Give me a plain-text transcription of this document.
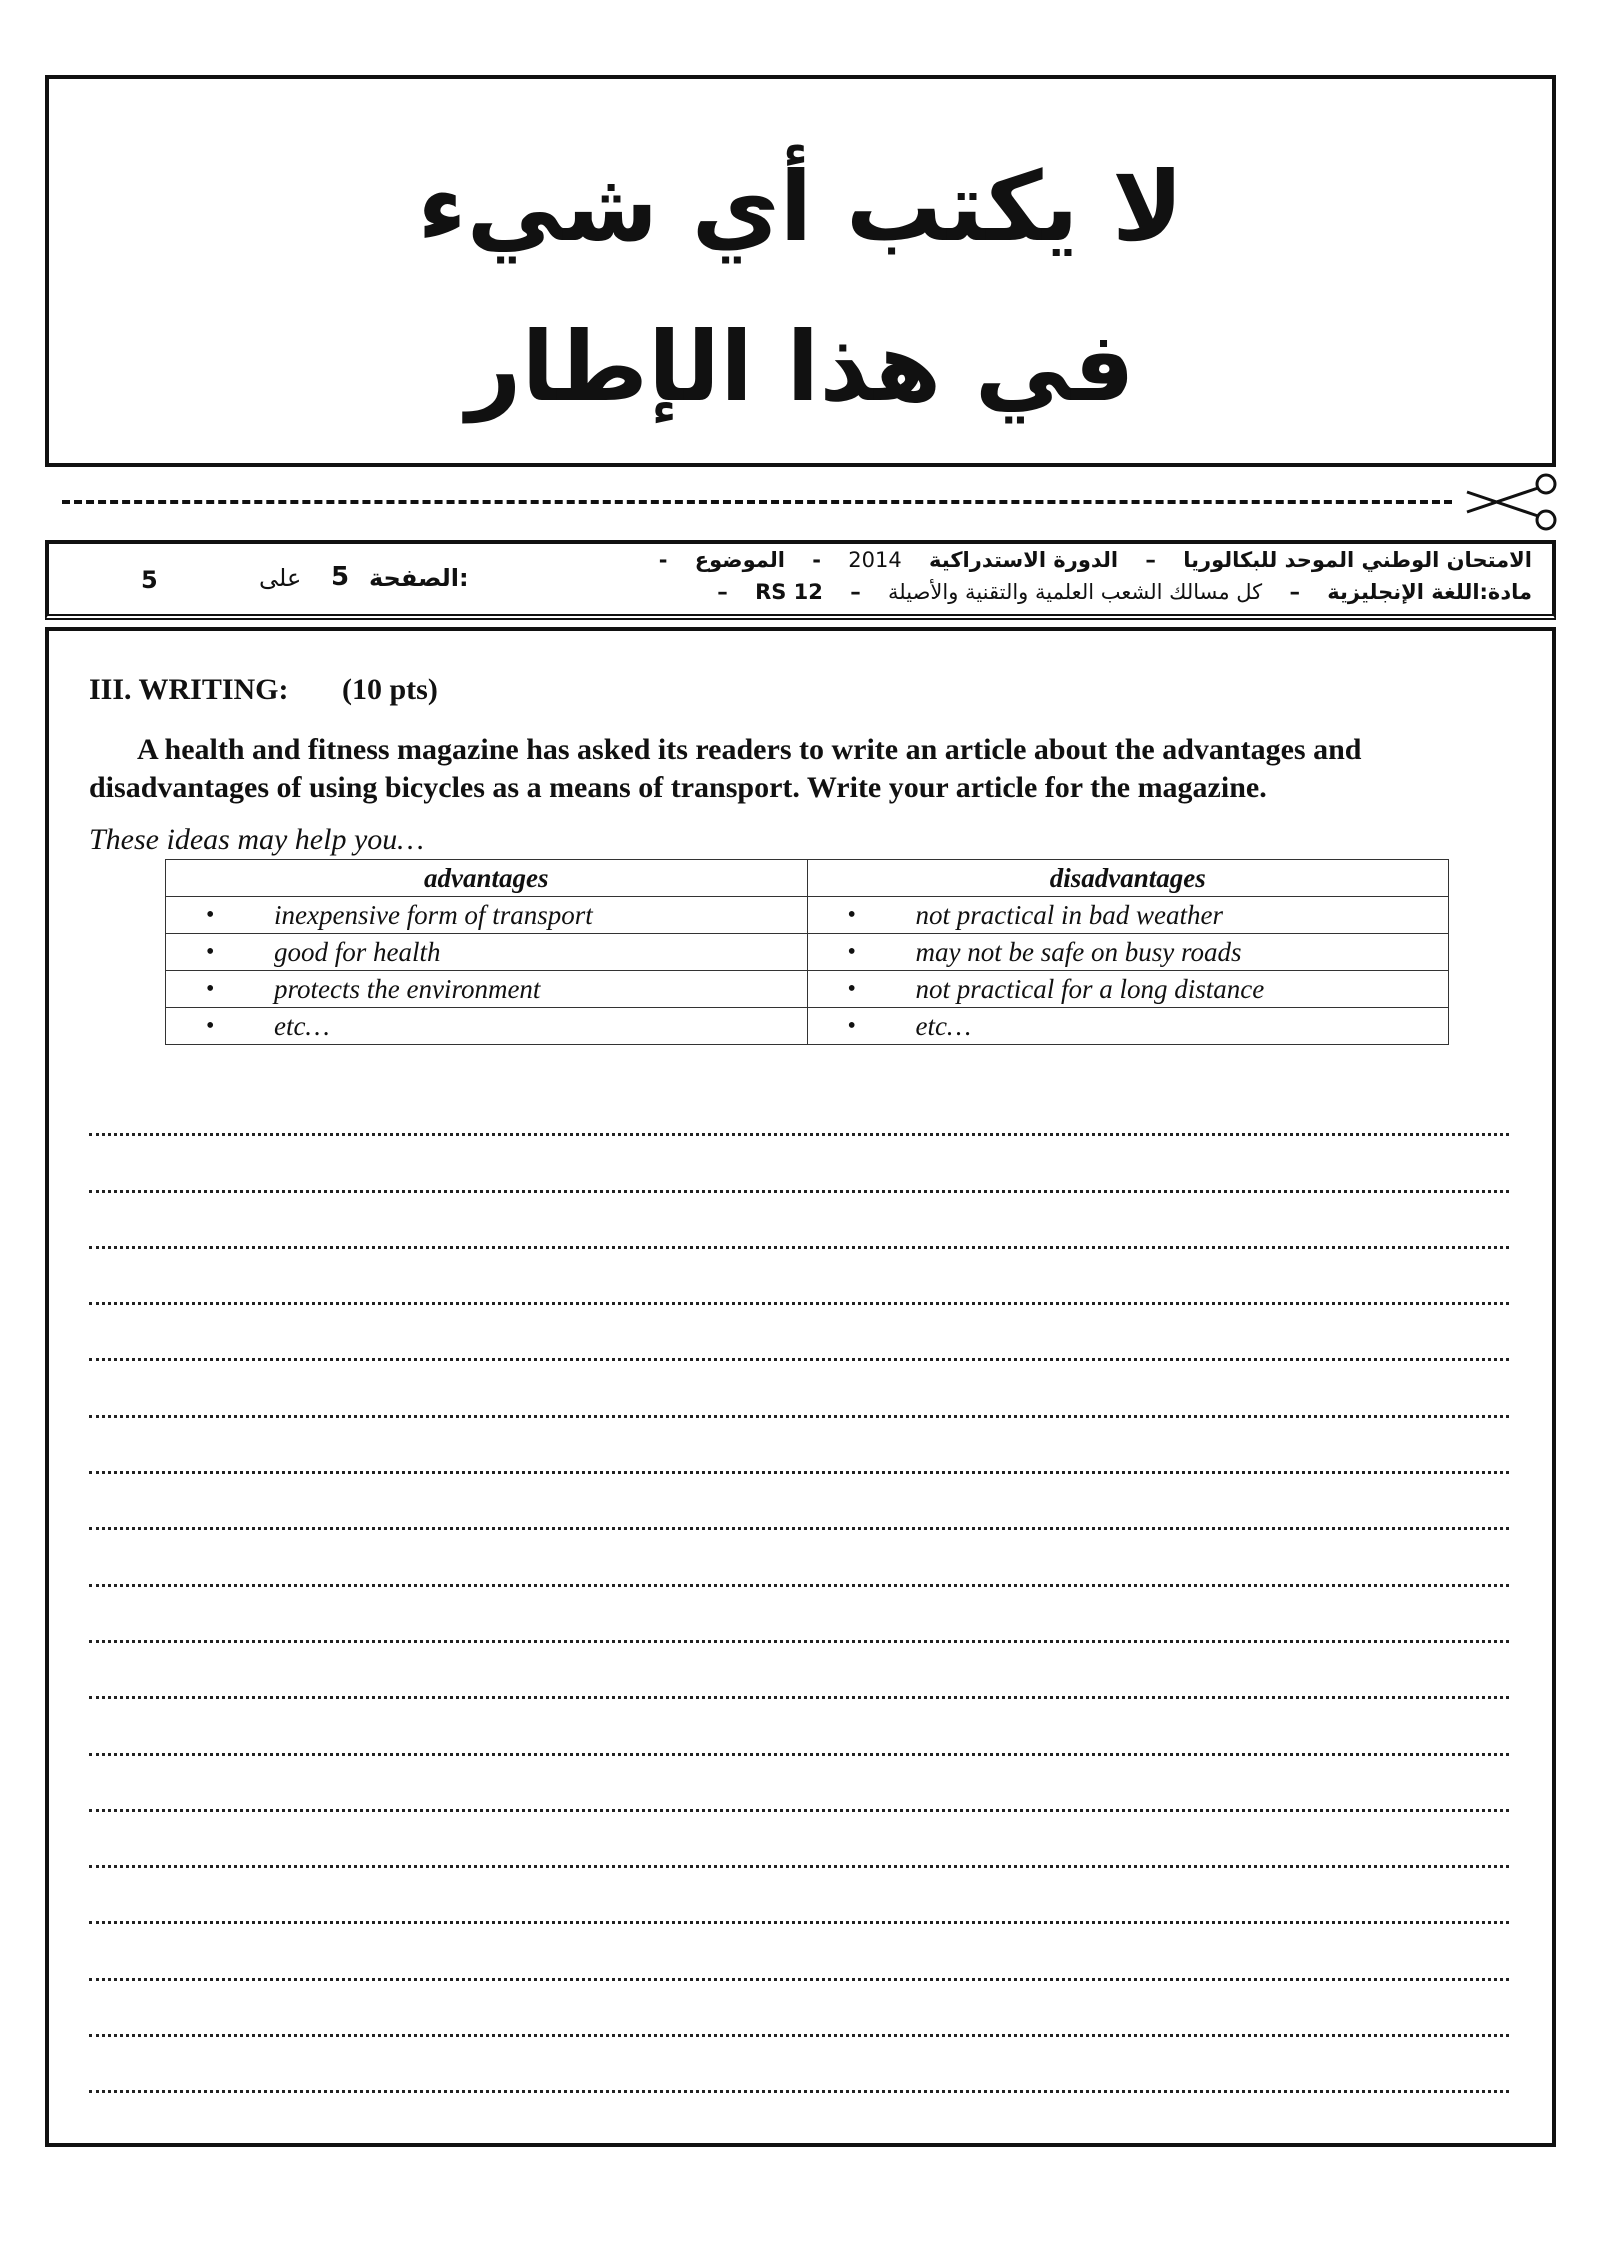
لا يكتب أي شيء
في هذا الإطار
5	على 5 الصفحة:
الامتحان الوطني الموحد للبكالوريا – الدورة الاستدراكية 2014 - الموضوع -
مادة:اللغة الإنجليزية – كل مسالك الشعب العلمية والتقنية والأصيلة – RS 12 –
III. WRITING: (10 pts)
A health and fitness magazine has asked its readers to write an article about the advantages and disadvantages of using bicycles as a means of transport. Write your article for the magazine.
These ideas may help you…
advantages	disadvantages

• inexpensive form of transport	• not practical in bad weather

• good for health	• may not be safe on busy roads

• protects the environment	• not practical for a long distance

• etc…	• etc…
